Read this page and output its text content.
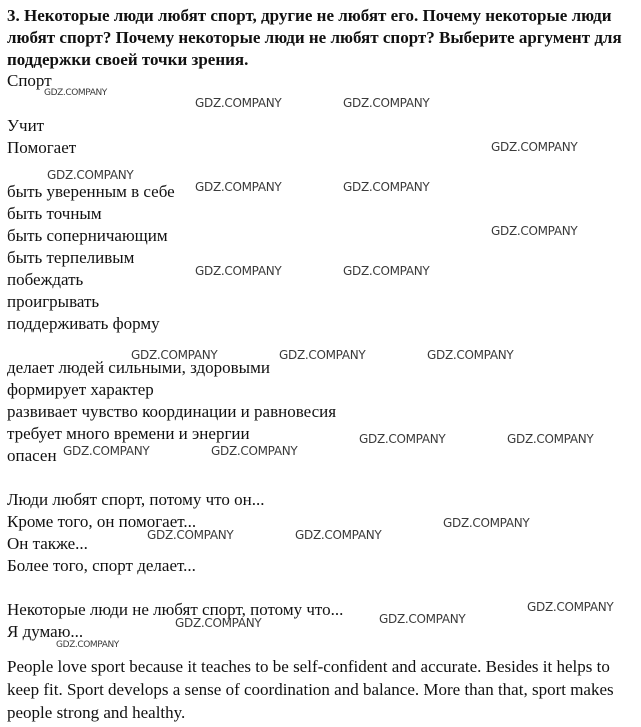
3. Некоторые люди любят спорт, другие не любят его. Почему некоторые люди любят спорт? Почему некоторые люди не любят спорт? Выберите аргумент для поддержки своей точки зрения.

Спорт
Учит
Помогает
быть уверенным в себе
быть точным
быть соперничающим
быть терпеливым
побеждать
проигрывать
поддерживать форму
делает людей сильными, здоровыми
формирует характер
развивает чувство координации и равновесия
требует много времени и энергии
опасен
Люди любят спорт, потому что он...
Кроме того, он помогает...
Он также...
Более того, спорт делает...
Некоторые люди не любят спорт, потому что...
Я думаю...

People love sport because it teaches to be self-confident and accurate. Besides it helps to keep fit. Sport develops a sense of coordination and balance. More than that, sport makes people strong and healthy.

GDZ.COMPANY
GDZ.COMPANY	GDZ.COMPANY
GDZ.COMPANY
GDZ.COMPANY
GDZ.COMPANY	GDZ.COMPANY
GDZ.COMPANY
GDZ.COMPANY	GDZ.COMPANY
GDZ.COMPANY	GDZ.COMPANY	GDZ.COMPANY
GDZ.COMPANY	GDZ.COMPANY
GDZ.COMPANY	GDZ.COMPANY
GDZ.COMPANY
GDZ.COMPANY	GDZ.COMPANY
GDZ.COMPANY
GDZ.COMPANY
GDZ.COMPANY
GDZ.COMPANY
